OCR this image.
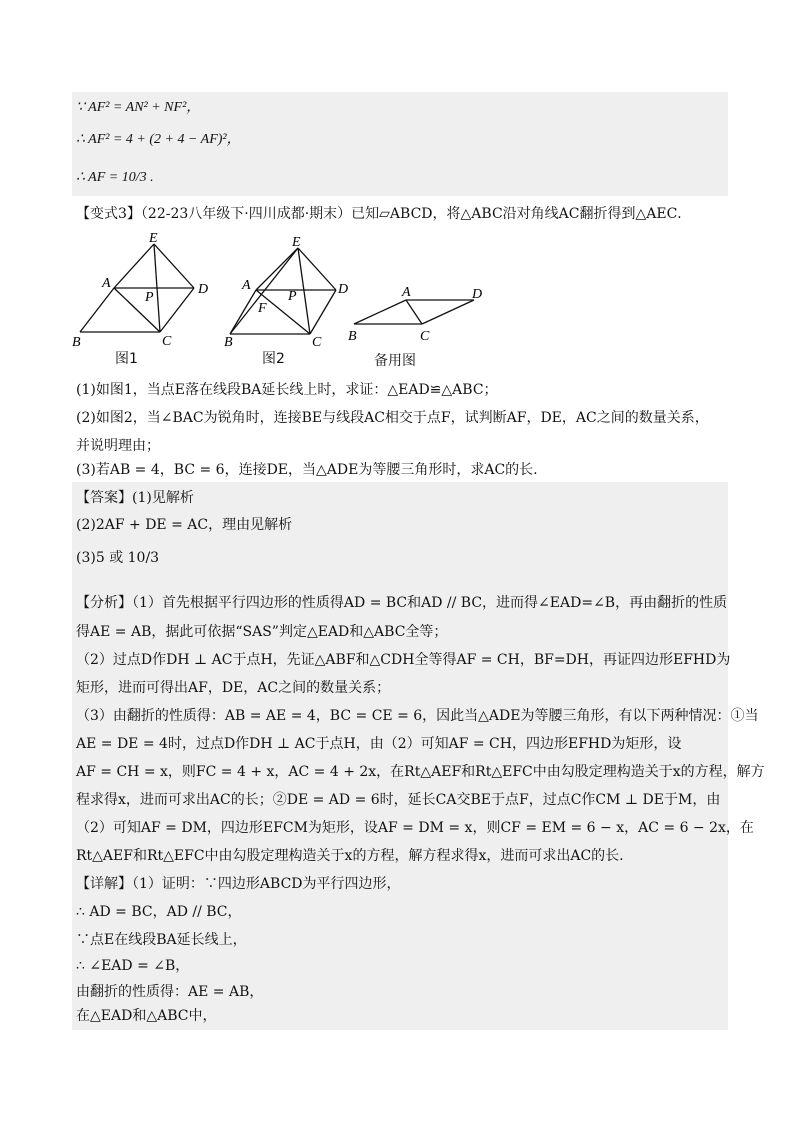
∵ AF² = AN² + NF²，
∴ AF² = 4 + (2 + 4 − AF)²，
∴ AF = 10/3 .
【变式3】（22-23八年级下·四川成都·期末）已知▱ABCD，将△ABC沿对角线AC翻折得到△AEC．
E
A
P
D
B	C
图1
E
A
P
F
D
B	C
图2
A	D
B	C
备用图
(1)如图1，当点E落在线段BA延长线上时，求证：△EAD≌△ABC；
(2)如图2，当∠BAC为锐角时，连接BE与线段AC相交于点F，试判断AF，DE，AC之间的数量关系，
并说明理由；
(3)若AB = 4，BC = 6，连接DE，当△ADE为等腰三角形时，求AC的长.
【答案】(1)见解析
(2)2AF + DE = AC，理由见解析
(3)5 或 10/3
【分析】（1）首先根据平行四边形的性质得AD = BC和AD // BC，进而得∠EAD=∠B，再由翻折的性质
得AE = AB，据此可依据“SAS”判定△EAD和△ABC全等；
（2）过点D作DH ⊥ AC于点H，先证△ABF和△CDH全等得AF = CH，BF=DH，再证四边形EFHD为
矩形，进而可得出AF，DE，AC之间的数量关系；
（3）由翻折的性质得：AB = AE = 4，BC = CE = 6，因此当△ADE为等腰三角形，有以下两种情况：①当
AE = DE = 4时，过点D作DH ⊥ AC于点H，由（2）可知AF = CH，四边形EFHD为矩形，设
AF = CH = x，则FC = 4 + x，AC = 4 + 2x，在Rt△AEF和Rt△EFC中由勾股定理构造关于x的方程，解方
程求得x，进而可求出AC的长；②DE = AD = 6时，延长CA交BE于点F，过点C作CM ⊥ DE于M，由
（2）可知AF = DM，四边形EFCM为矩形，设AF = DM = x，则CF = EM = 6 − x，AC = 6 − 2x，在
Rt△AEF和Rt△EFC中由勾股定理构造关于x的方程，解方程求得x，进而可求出AC的长.
【详解】（1）证明：∵四边形ABCD为平行四边形，
∴ AD = BC，AD // BC，
∵点E在线段BA延长线上，
∴ ∠EAD = ∠B，
由翻折的性质得：AE = AB，
在△EAD和△ABC中，
